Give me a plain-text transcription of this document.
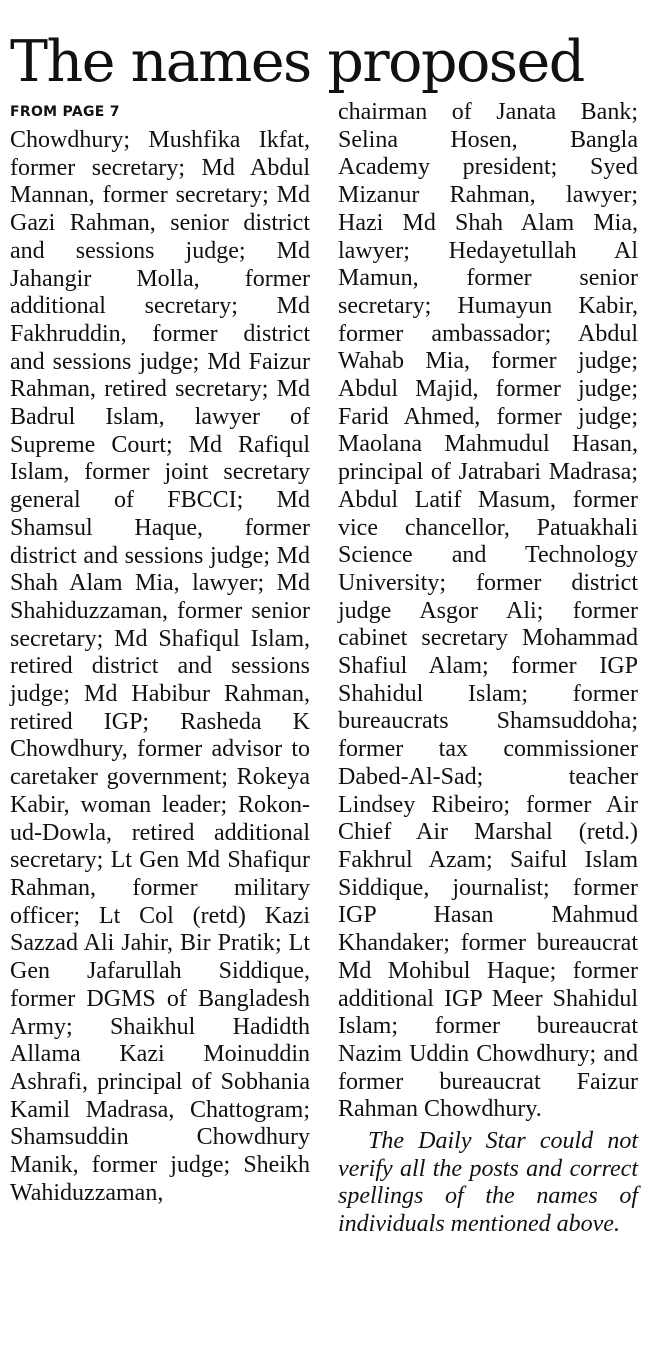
The names proposed
FROM PAGE 7

Chowdhury; Mushfika Ikfat, former secretary; Md Abdul Mannan, former secretary; Md Gazi Rahman, senior district and sessions judge; Md Jahangir Molla, former additional secretary; Md Fakhruddin, former district and sessions judge; Md Faizur Rahman, retired secretary; Md Badrul Islam, lawyer of Supreme Court; Md Rafiqul Islam, former joint secretary general of FBCCI; Md Shamsul Haque, former district and sessions judge; Md Shah Alam Mia, lawyer; Md Shahiduzzaman, former senior secretary; Md Shafiqul Islam, retired district and sessions judge; Md Habibur Rahman, retired IGP; Rasheda K Chowdhury, former advisor to caretaker government; Rokeya Kabir, woman leader; Rokon-ud-Dowla, retired additional secretary; Lt Gen Md Shafiqur Rahman, former military officer; Lt Col (retd) Kazi Sazzad Ali Jahir, Bir Pratik; Lt Gen Jafarullah Siddique, former DGMS of Bangladesh Army; Shaikhul Hadidth Allama Kazi Moinuddin Ashrafi, principal of Sobhania Kamil Madrasa, Chattogram; Shamsuddin Chowdhury Manik, former judge; Sheikh Wahiduzzaman,

chairman of Janata Bank; Selina Hosen, Bangla Academy president; Syed Mizanur Rahman, lawyer; Hazi Md Shah Alam Mia, lawyer; Hedayetullah Al Mamun, former senior secretary; Humayun Kabir, former ambassador; Abdul Wahab Mia, former judge; Abdul Majid, former judge; Farid Ahmed, former judge; Maolana Mahmudul Hasan, principal of Jatrabari Madrasa; Abdul Latif Masum, former vice chancellor, Patuakhali Science and Technology University; former district judge Asgor Ali; former cabinet secretary Mohammad Shafiul Alam; former IGP Shahidul Islam; former bureaucrats Shamsuddoha; former tax commissioner Dabed-Al-Sad; teacher Lindsey Ribeiro; former Air Chief Air Marshal (retd.) Fakhrul Azam; Saiful Islam Siddique, journalist; former IGP Hasan Mahmud Khandaker; former bureaucrat Md Mohibul Haque; former additional IGP Meer Shahidul Islam; former bureaucrat Nazim Uddin Chowdhury; and former bureaucrat Faizur Rahman Chowdhury.

The Daily Star could not verify all the posts and correct spellings of the names of individuals mentioned above.
